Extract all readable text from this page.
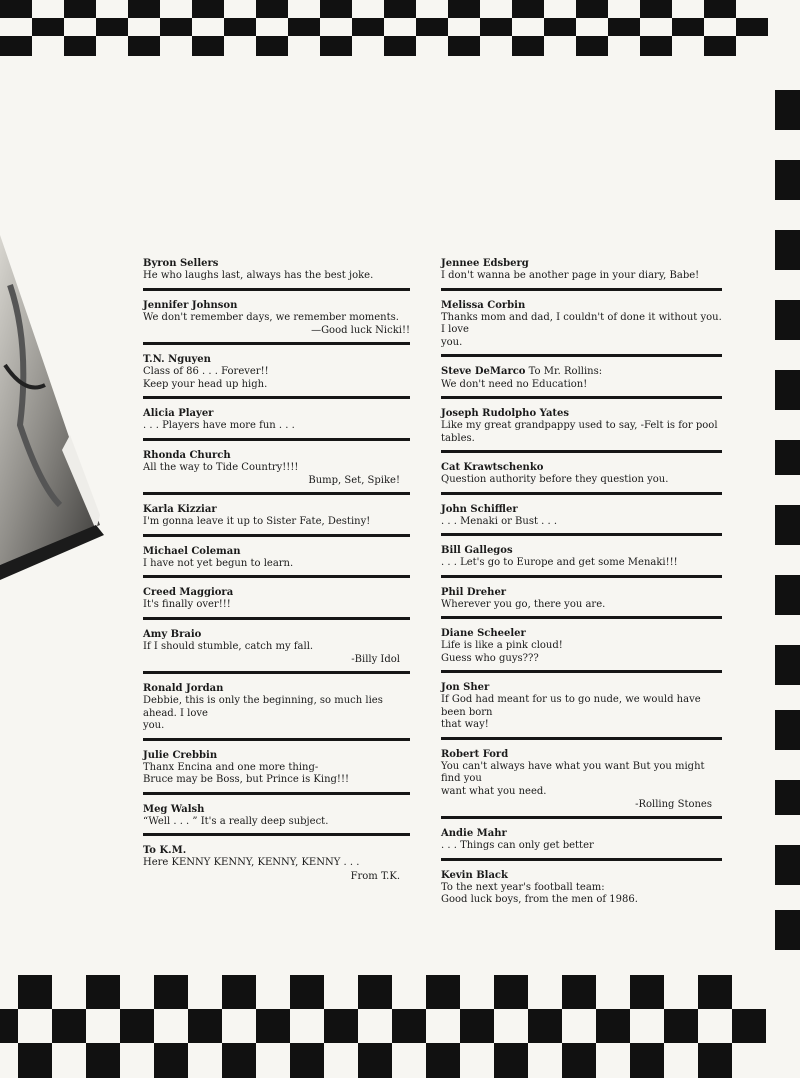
Byron Sellers

He who laughs last, always has the best joke.

Jennifer Johnson

We don't remember days, we remember moments.

—Good luck Nicki!!

T.N. Nguyen

Class of 86 . . . Forever!!

Keep your head up high.

Alicia Player

. . . Players have more fun . . .

Rhonda Church

All the way to Tide Country!!!!

Bump, Set, Spike!

Karla Kizziar

I'm gonna leave it up to Sister Fate, Destiny!

Michael Coleman

I have not yet begun to learn.

Creed Maggiora

It's finally over!!!

Amy Braio

If I should stumble, catch my fall.

-Billy Idol

Ronald Jordan

Debbie, this is only the beginning, so much lies ahead. I love

you.

Julie Crebbin

Thanx Encina and one more thing-

Bruce may be Boss, but Prince is King!!!

Meg Walsh

“Well . . . ” It's a really deep subject.

To K.M.

Here KENNY KENNY, KENNY, KENNY . . .

From T.K.

Jennee Edsberg

I don't wanna be another page in your diary, Babe!

Melissa Corbin

Thanks mom and dad, I couldn't of done it without you. I love

you.

Steve DeMarco To Mr. Rollins:

We don't need no Education!

Joseph Rudolpho Yates

Like my great grandpappy used to say, -Felt is for pool tables.

Cat Krawtschenko

Question authority before they question you.

John Schiffler

. . . Menaki or Bust . . .

Bill Gallegos

. . . Let's go to Europe and get some Menaki!!!

Phil Dreher

Wherever you go, there you are.

Diane Scheeler

Life is like a pink cloud!

Guess who guys???

Jon Sher

If God had meant for us to go nude, we would have been born

that way!

Robert Ford

You can't always have what you want But you might find you

want what you need.

-Rolling Stones

Andie Mahr

. . . Things can only get better

Kevin Black

To the next year's football team:

Good luck boys, from the men of 1986.
